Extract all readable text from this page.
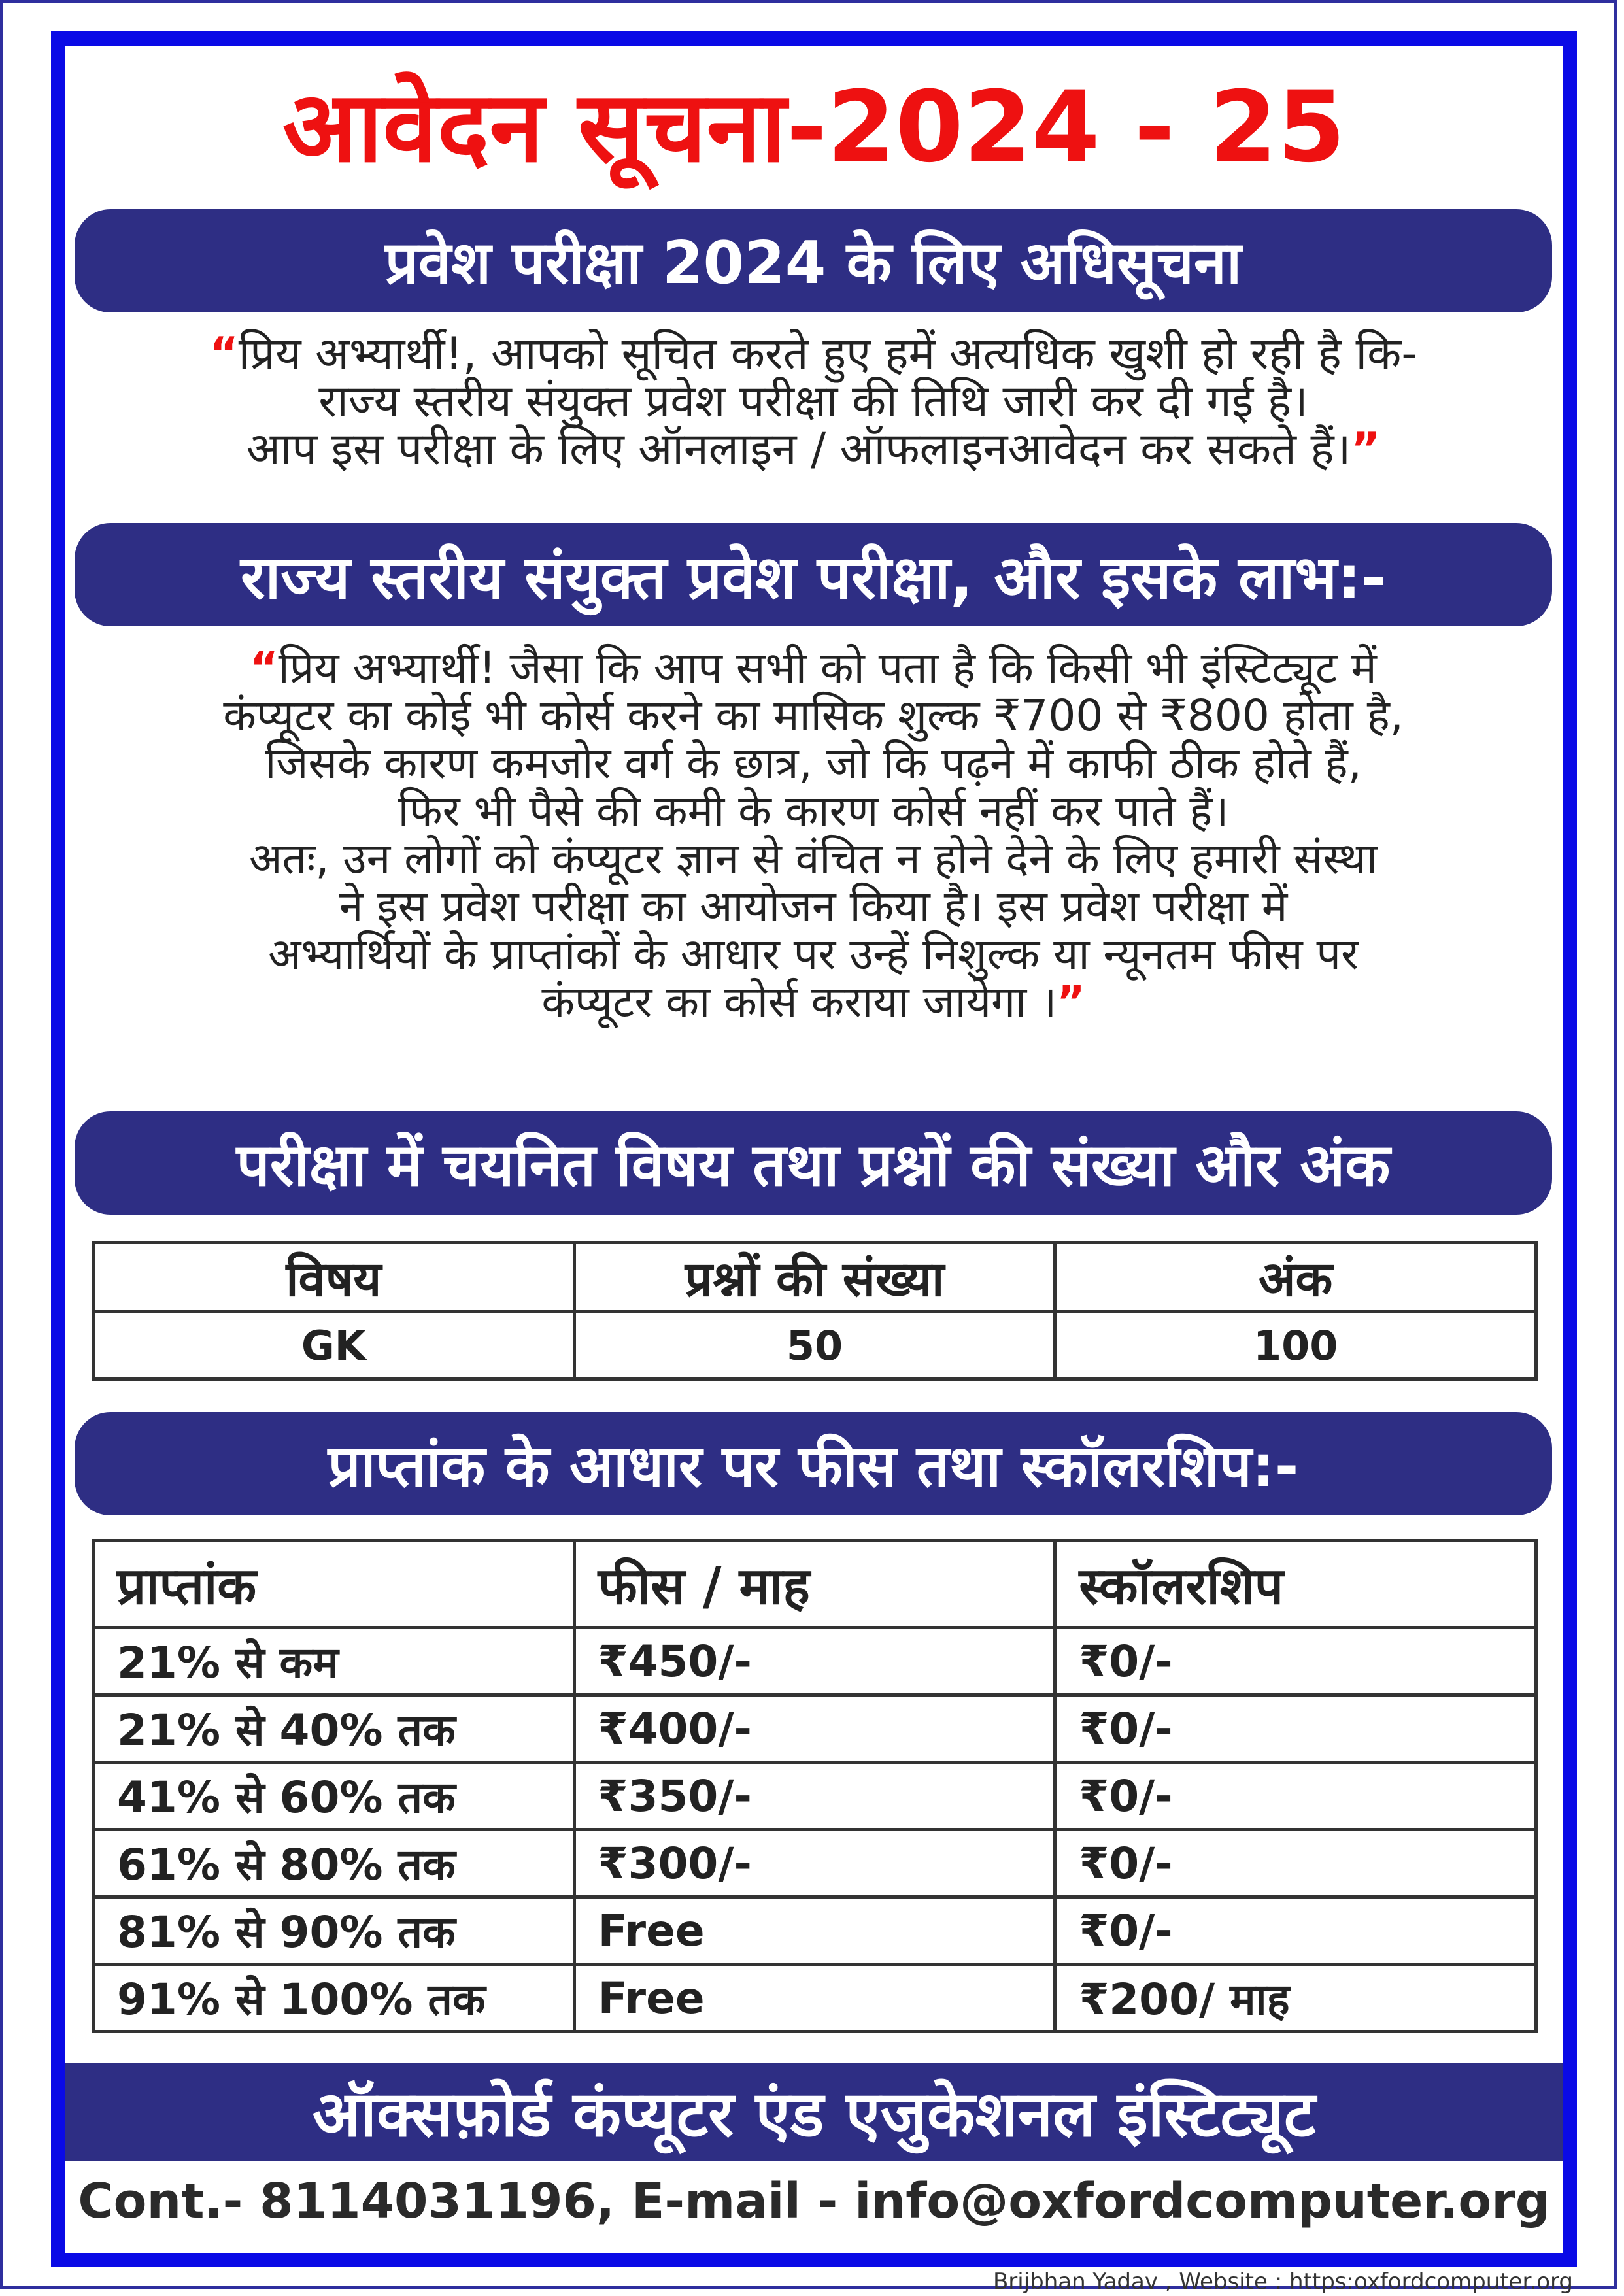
आवेदन सूचना-2024 - 25
प्रवेश परीक्षा 2024 के लिए अधिसूचना
“प्रिय अभ्यार्थी!, आपको सूचित करते हुए हमें अत्यधिक खुशी हो रही है कि-
राज्य स्तरीय संयुक्त प्रवेश परीक्षा की तिथि जारी कर दी गई है।
आप इस परीक्षा के लिए ऑनलाइन / ऑफलाइनआवेदन कर सकते हैं।”
राज्य स्तरीय संयुक्त प्रवेश परीक्षा, और इसके लाभ:-
“प्रिय अभ्यार्थी! जैसा कि आप सभी को पता है कि किसी भी इंस्टिट्यूट में
कंप्यूटर का कोई भी कोर्स करने का मासिक शुल्क ₹700 से ₹800 होता है,
जिसके कारण कमजोर वर्ग के छात्र, जो कि पढ़ने में काफी ठीक होते हैं,
फिर भी पैसे की कमी के कारण कोर्स नहीं कर पाते हैं।
अतः, उन लोगों को कंप्यूटर ज्ञान से वंचित न होने देने के लिए हमारी संस्था
ने इस प्रवेश परीक्षा का आयोजन किया है। इस प्रवेश परीक्षा में
अभ्यार्थियों के प्राप्तांकों के आधार पर उन्हें निशुल्क या न्यूनतम फीस पर
कंप्यूटर का कोर्स कराया जायेगा ।”
परीक्षा में चयनित विषय तथा प्रश्नों की संख्या और अंक
विषय	प्रश्नों की संख्या	अंक
GK	50	100
प्राप्तांक के आधार पर फीस तथा स्कॉलरशिप:-
प्राप्तांक	फीस / माह	स्कॉलरशिप
21% से कम	₹450/-	₹0/-
21% से 40% तक	₹400/-	₹0/-
41% से 60% तक	₹350/-	₹0/-
61% से 80% तक	₹300/-	₹0/-
81% से 90% तक	Free	₹0/-
91% से 100% तक	Free	₹200/ माह
ऑक्सफ़ोर्ड कंप्यूटर एंड एजुकेशनल इंस्टिट्यूट
Cont.- 8114031196, E-mail - info@oxfordcomputer.org
Brijbhan Yadav , Website : https:oxfordcomputer.org
